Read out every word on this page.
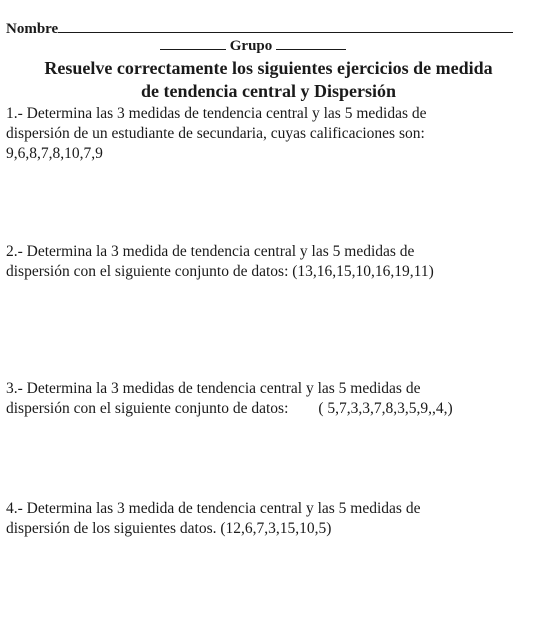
Nombre
Grupo
Resuelve correctamente los siguientes ejercicios de medida
de tendencia central y Dispersión
1.- Determina las 3 medidas de tendencia central y las 5 medidas de
dispersión de un estudiante de secundaria, cuyas calificaciones son:
9,6,8,7,8,10,7,9
2.- Determina la 3 medida de tendencia central y las 5 medidas de
dispersión con el siguiente conjunto de datos: (13,16,15,10,16,19,11)
3.- Determina la 3 medidas de tendencia central y las 5 medidas de
dispersión con el siguiente conjunto de datos: ( 5,7,3,3,7,8,3,5,9,,4,)
4.- Determina las 3 medida de tendencia central y las 5 medidas de
dispersión de los siguientes datos. (12,6,7,3,15,10,5)
